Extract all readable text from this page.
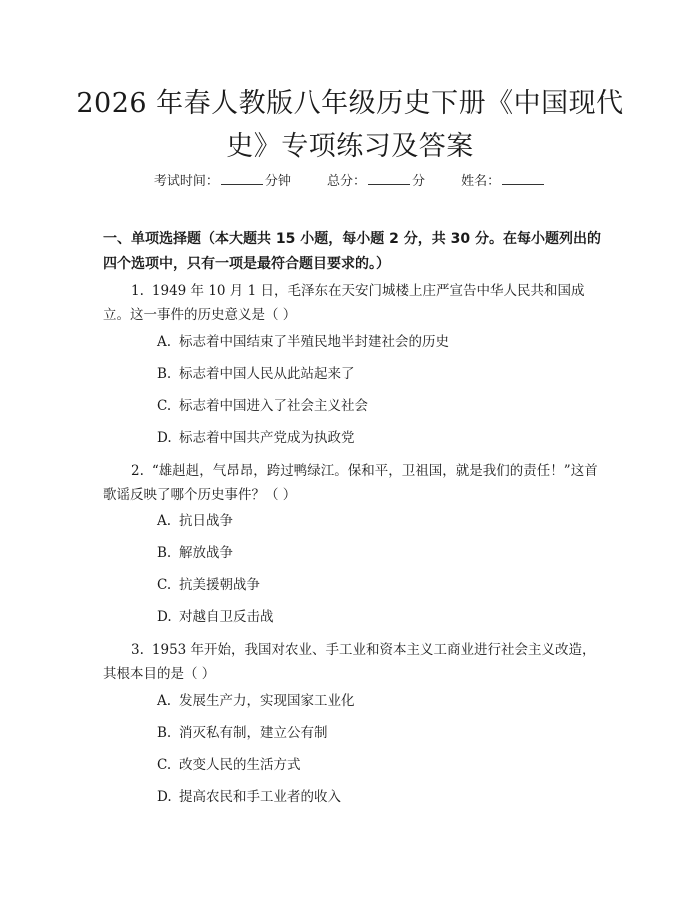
2026 年春人教版八年级历史下册《中国现代
史》专项练习及答案
考试时间：	分钟	总分：	分	姓名：
一、单项选择题（本大题共 15 小题，每小题 2 分，共 30 分。在每小题列出的四个选项中，只有一项是最符合题目要求的。）
1. 1949 年 10 月 1 日，毛泽东在天安门城楼上庄严宣告中华人民共和国成立。这一事件的历史意义是（ ）
A. 标志着中国结束了半殖民地半封建社会的历史
B. 标志着中国人民从此站起来了
C. 标志着中国进入了社会主义社会
D. 标志着中国共产党成为执政党
2. “雄赳赳，气昂昂，跨过鸭绿江。保和平，卫祖国，就是我们的责任！”这首歌谣反映了哪个历史事件？（ ）
A. 抗日战争
B. 解放战争
C. 抗美援朝战争
D. 对越自卫反击战
3. 1953 年开始，我国对农业、手工业和资本主义工商业进行社会主义改造，其根本目的是（ ）
A. 发展生产力，实现国家工业化
B. 消灭私有制，建立公有制
C. 改变人民的生活方式
D. 提高农民和手工业者的收入
